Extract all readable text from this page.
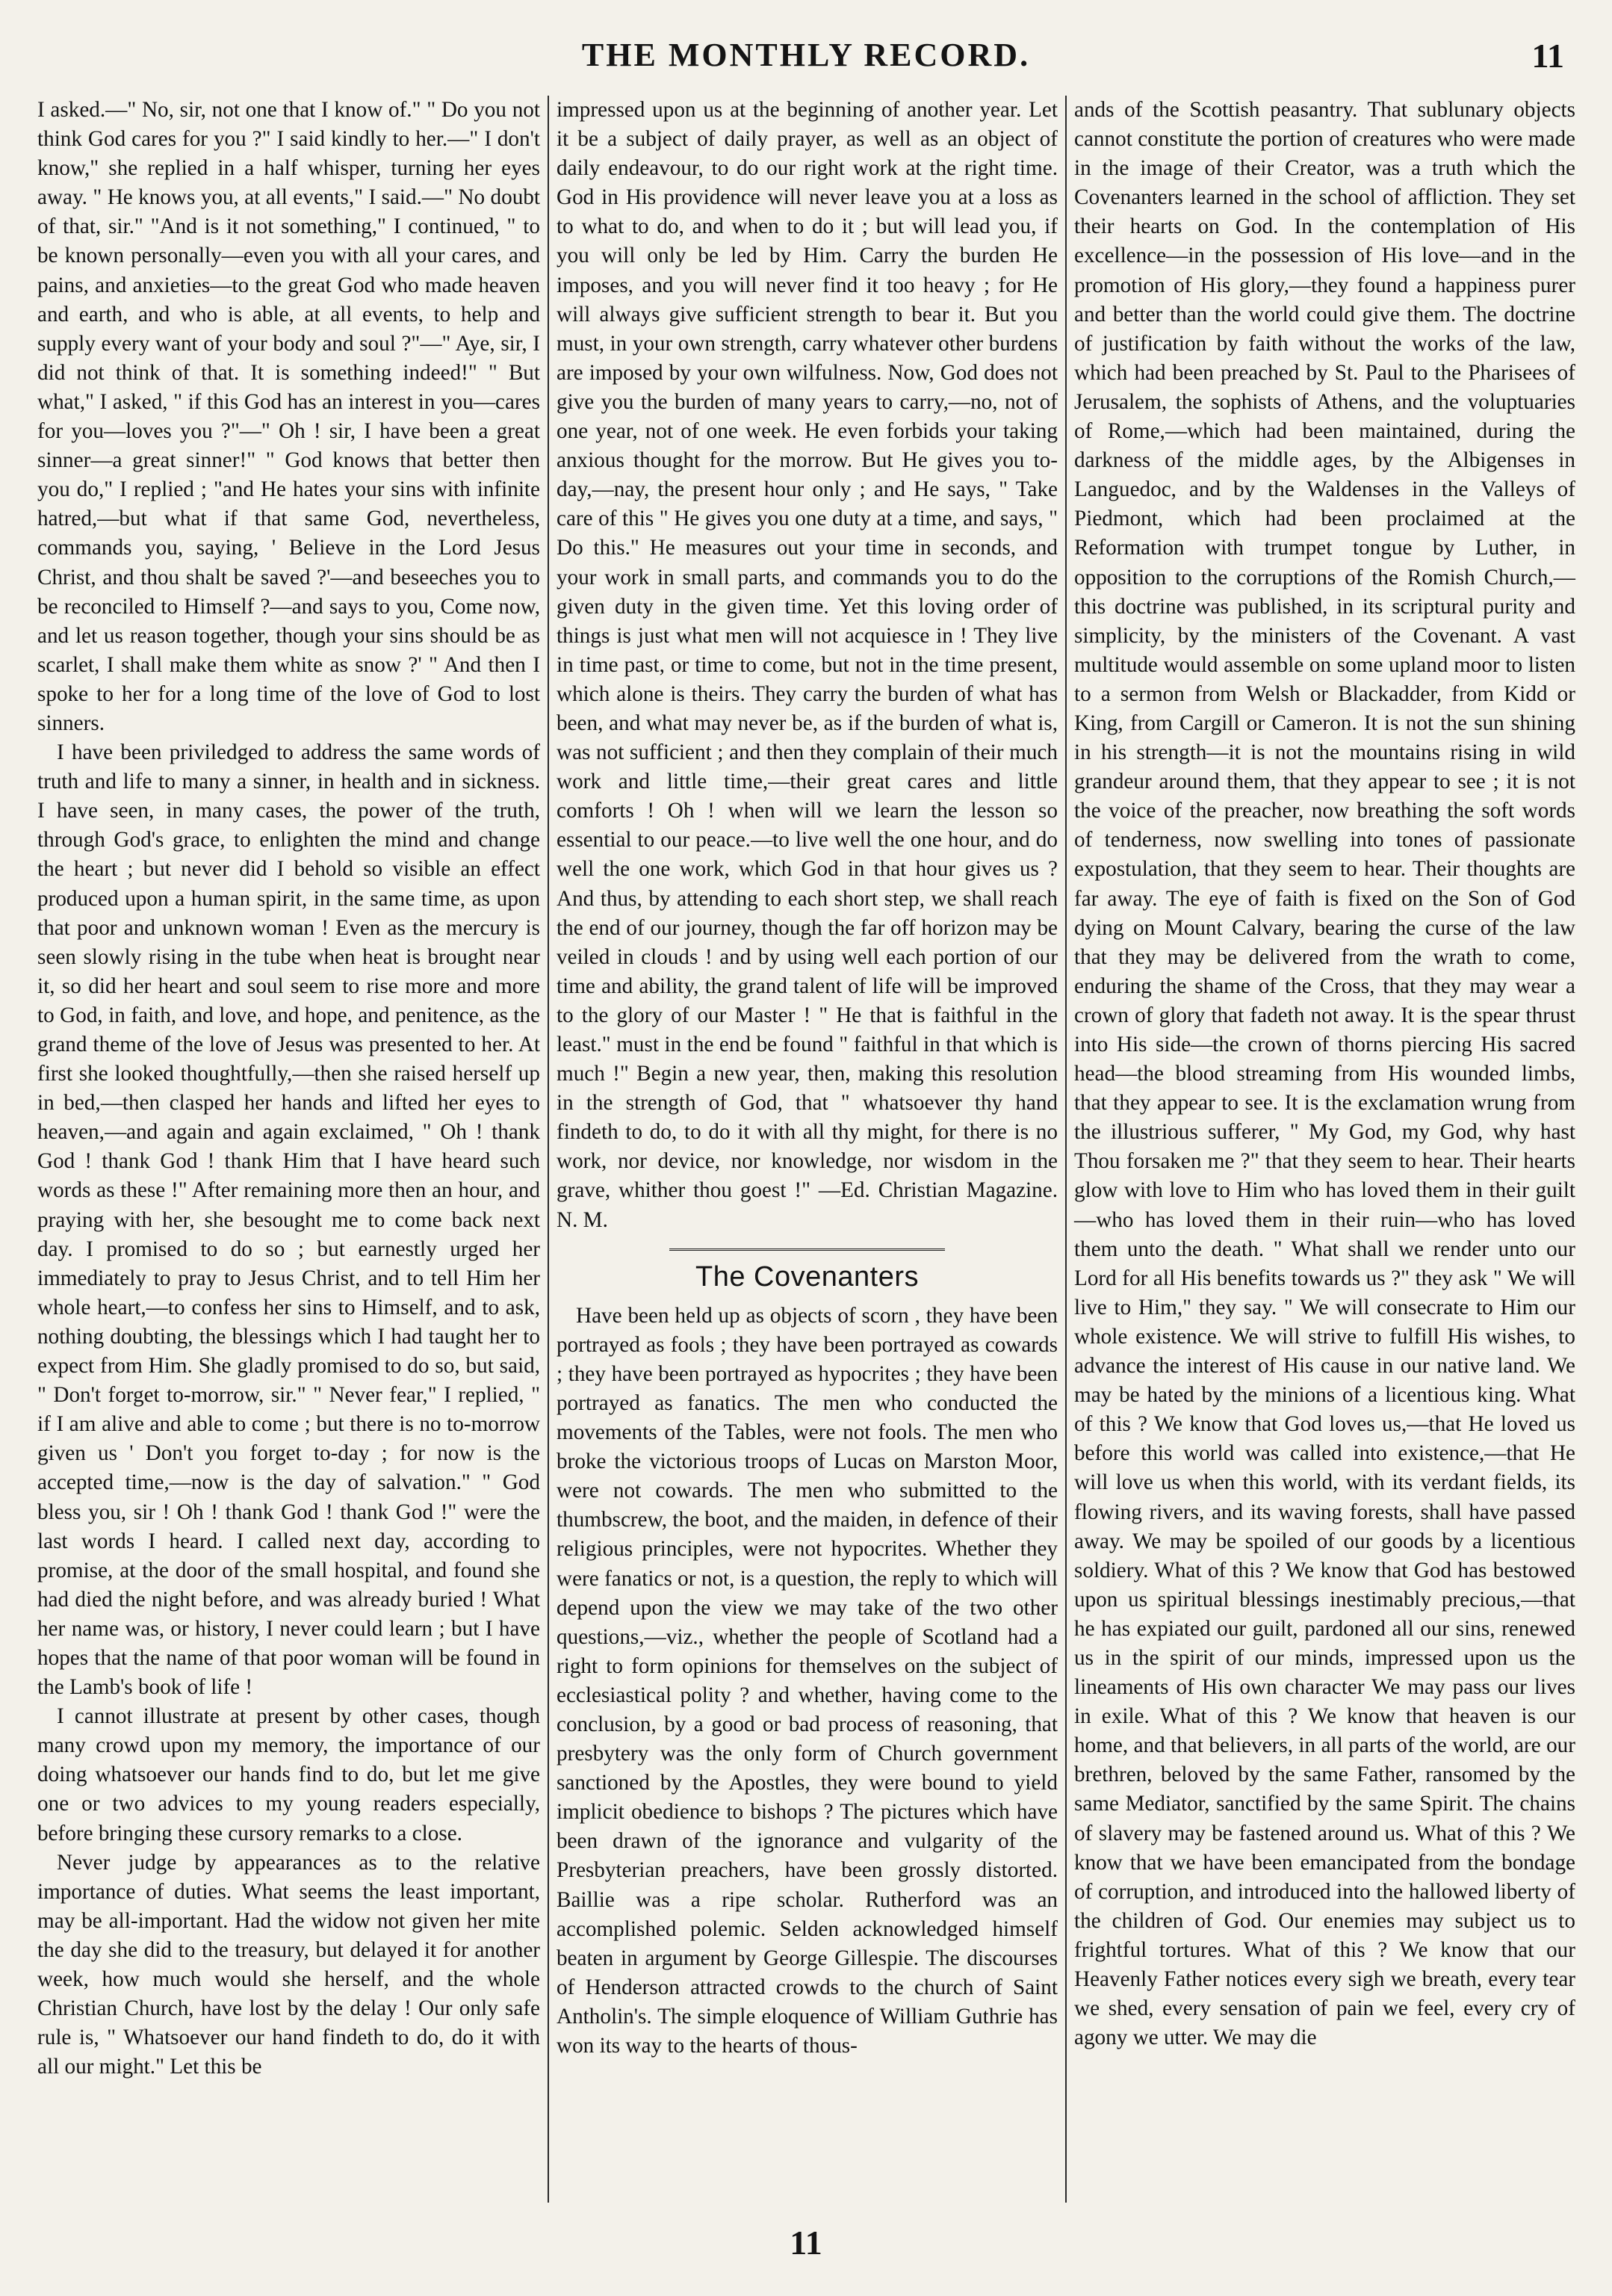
THE MONTHLY RECORD.	11

I asked.—" No, sir, not one that I know of." " Do you not think God cares for you ?" I said kindly to her.—" I don't know," she replied in a half whisper, turning her eyes away. " He knows you, at all events," I said.—" No doubt of that, sir." "And is it not something," I continued, " to be known personally—even you with all your cares, and pains, and anxieties—to the great God who made heaven and earth, and who is able, at all events, to help and supply every want of your body and soul ?"—" Aye, sir, I did not think of that. It is something indeed!" " But what," I asked, " if this God has an interest in you—cares for you—loves you ?"—" Oh ! sir, I have been a great sinner—a great sinner!" " God knows that better then you do," I replied ; "and He hates your sins with infinite hatred,—but what if that same God, nevertheless, commands you, saying, ' Believe in the Lord Jesus Christ, and thou shalt be saved ?'—and beseeches you to be reconciled to Himself ?—and says to you, Come now, and let us reason together, though your sins should be as scarlet, I shall make them white as snow ?' " And then I spoke to her for a long time of the love of God to lost sinners.

I have been priviledged to address the same words of truth and life to many a sinner, in health and in sickness. I have seen, in many cases, the power of the truth, through God's grace, to enlighten the mind and change the heart ; but never did I behold so visible an effect produced upon a human spirit, in the same time, as upon that poor and unknown woman ! Even as the mercury is seen slowly rising in the tube when heat is brought near it, so did her heart and soul seem to rise more and more to God, in faith, and love, and hope, and penitence, as the grand theme of the love of Jesus was presented to her. At first she looked thoughtfully,—then she raised herself up in bed,—then clasped her hands and lifted her eyes to heaven,—and again and again exclaimed, " Oh ! thank God ! thank God ! thank Him that I have heard such words as these !" After remaining more then an hour, and praying with her, she besought me to come back next day. I promised to do so ; but earnestly urged her immediately to pray to Jesus Christ, and to tell Him her whole heart,—to confess her sins to Himself, and to ask, nothing doubting, the blessings which I had taught her to expect from Him. She gladly promised to do so, but said, " Don't forget to-morrow, sir." " Never fear," I replied, " if I am alive and able to come ; but there is no to-morrow given us ' Don't you forget to-day ; for now is the accepted time,—now is the day of salvation." " God bless you, sir ! Oh ! thank God ! thank God !" were the last words I heard. I called next day, according to promise, at the door of the small hospital, and found she had died the night before, and was already buried ! What her name was, or history, I never could learn ; but I have hopes that the name of that poor woman will be found in the Lamb's book of life !

I cannot illustrate at present by other cases, though many crowd upon my memory, the importance of our doing whatsoever our hands find to do, but let me give one or two advices to my young readers especially, before bringing these cursory remarks to a close.

Never judge by appearances as to the relative importance of duties. What seems the least important, may be all-important. Had the widow not given her mite the day she did to the treasury, but delayed it for another week, how much would she herself, and the whole Christian Church, have lost by the delay ! Our only safe rule is, " Whatsoever our hand findeth to do, do it with all our might." Let this be

impressed upon us at the beginning of another year. Let it be a subject of daily prayer, as well as an object of daily endeavour, to do our right work at the right time. God in His providence will never leave you at a loss as to what to do, and when to do it ; but will lead you, if you will only be led by Him. Carry the burden He imposes, and you will never find it too heavy ; for He will always give sufficient strength to bear it. But you must, in your own strength, carry whatever other burdens are imposed by your own wilfulness. Now, God does not give you the burden of many years to carry,—no, not of one year, not of one week. He even forbids your taking anxious thought for the morrow. But He gives you to-day,—nay, the present hour only ; and He says, " Take care of this " He gives you one duty at a time, and says, " Do this." He measures out your time in seconds, and your work in small parts, and commands you to do the given duty in the given time. Yet this loving order of things is just what men will not acquiesce in ! They live in time past, or time to come, but not in the time present, which alone is theirs. They carry the burden of what has been, and what may never be, as if the burden of what is, was not sufficient ; and then they complain of their much work and little time,—their great cares and little comforts ! Oh ! when will we learn the lesson so essential to our peace.—to live well the one hour, and do well the one work, which God in that hour gives us ? And thus, by attending to each short step, we shall reach the end of our journey, though the far off horizon may be veiled in clouds ! and by using well each portion of our time and ability, the grand talent of life will be improved to the glory of our Master ! " He that is faithful in the least." must in the end be found " faithful in that which is much !" Begin a new year, then, making this resolution in the strength of God, that " whatsoever thy hand findeth to do, to do it with all thy might, for there is no work, nor device, nor knowledge, nor wisdom in the grave, whither thou goest !" —Ed. Christian Magazine. N. M.

The Covenanters

Have been held up as objects of scorn , they have been portrayed as fools ; they have been portrayed as cowards ; they have been portrayed as hypocrites ; they have been portrayed as fanatics. The men who conducted the movements of the Tables, were not fools. The men who broke the victorious troops of Lucas on Marston Moor, were not cowards. The men who submitted to the thumbscrew, the boot, and the maiden, in defence of their religious principles, were not hypocrites. Whether they were fanatics or not, is a question, the reply to which will depend upon the view we may take of the two other questions,—viz., whether the people of Scotland had a right to form opinions for themselves on the subject of ecclesiastical polity ? and whether, having come to the conclusion, by a good or bad process of reasoning, that presbytery was the only form of Church government sanctioned by the Apostles, they were bound to yield implicit obedience to bishops ? The pictures which have been drawn of the ignorance and vulgarity of the Presbyterian preachers, have been grossly distorted. Baillie was a ripe scholar. Rutherford was an accomplished polemic. Selden acknowledged himself beaten in argument by George Gillespie. The discourses of Henderson attracted crowds to the church of Saint Antholin's. The simple eloquence of William Guthrie has won its way to the hearts of thous-

ands of the Scottish peasantry. That sublunary objects cannot constitute the portion of creatures who were made in the image of their Creator, was a truth which the Covenanters learned in the school of affliction. They set their hearts on God. In the contemplation of His excellence—in the possession of His love—and in the promotion of His glory,—they found a happiness purer and better than the world could give them. The doctrine of justification by faith without the works of the law, which had been preached by St. Paul to the Pharisees of Jerusalem, the sophists of Athens, and the voluptuaries of Rome,—which had been maintained, during the darkness of the middle ages, by the Albigenses in Languedoc, and by the Waldenses in the Valleys of Piedmont, which had been proclaimed at the Reformation with trumpet tongue by Luther, in opposition to the corruptions of the Romish Church,—this doctrine was published, in its scriptural purity and simplicity, by the ministers of the Covenant. A vast multitude would assemble on some upland moor to listen to a sermon from Welsh or Blackadder, from Kidd or King, from Cargill or Cameron. It is not the sun shining in his strength—it is not the mountains rising in wild grandeur around them, that they appear to see ; it is not the voice of the preacher, now breathing the soft words of tenderness, now swelling into tones of passionate expostulation, that they seem to hear. Their thoughts are far away. The eye of faith is fixed on the Son of God dying on Mount Calvary, bearing the curse of the law that they may be delivered from the wrath to come, enduring the shame of the Cross, that they may wear a crown of glory that fadeth not away. It is the spear thrust into His side—the crown of thorns piercing His sacred head—the blood streaming from His wounded limbs, that they appear to see. It is the exclamation wrung from the illustrious sufferer, " My God, my God, why hast Thou forsaken me ?" that they seem to hear. Their hearts glow with love to Him who has loved them in their guilt—who has loved them in their ruin—who has loved them unto the death. " What shall we render unto our Lord for all His benefits towards us ?" they ask " We will live to Him," they say. " We will consecrate to Him our whole existence. We will strive to fulfill His wishes, to advance the interest of His cause in our native land. We may be hated by the minions of a licentious king. What of this ? We know that God loves us,—that He loved us before this world was called into existence,—that He will love us when this world, with its verdant fields, its flowing rivers, and its waving forests, shall have passed away. We may be spoiled of our goods by a licentious soldiery. What of this ? We know that God has bestowed upon us spiritual blessings inestimably precious,—that he has expiated our guilt, pardoned all our sins, renewed us in the spirit of our minds, impressed upon us the lineaments of His own character We may pass our lives in exile. What of this ? We know that heaven is our home, and that believers, in all parts of the world, are our brethren, beloved by the same Father, ransomed by the same Mediator, sanctified by the same Spirit. The chains of slavery may be fastened around us. What of this ? We know that we have been emancipated from the bondage of corruption, and introduced into the hallowed liberty of the children of God. Our enemies may subject us to frightful tortures. What of this ? We know that our Heavenly Father notices every sigh we breath, every tear we shed, every sensation of pain we feel, every cry of agony we utter. We may die

11
